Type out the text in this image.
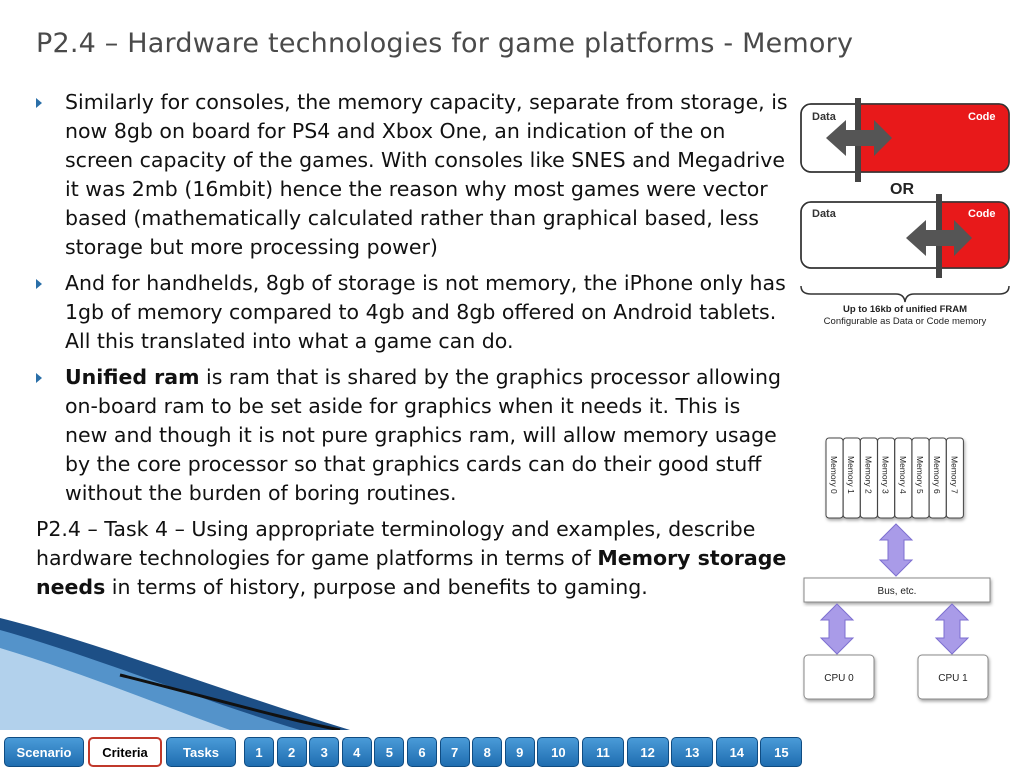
P2.4 – Hardware technologies for game platforms - Memory
Similarly for consoles, the memory capacity, separate from storage, is now 8gb on board for PS4 and Xbox One, an indication of the on screen capacity of the games. With consoles like SNES and Megadrive it was 2mb (16mbit) hence the reason why most games were vector based (mathematically calculated rather than graphical based, less storage but more processing power)
And for handhelds, 8gb of storage is not memory, the iPhone only has 1gb of memory compared to 4gb and 8gb offered on Android tablets. All this translated into what a game can do.
Unified ram is ram that is shared by the graphics processor allowing on-board ram to be set aside for graphics when it needs it. This is new and though it is not pure graphics ram, will allow memory usage by the core processor so that graphics cards can do their good stuff without the burden of boring routines.
P2.4 – Task 4 – Using appropriate terminology and examples, describe hardware technologies for game platforms in terms of Memory storage needs in terms of history, purpose and benefits to gaming.
Data	Code
OR
Data	Code
Up to 16kb of unified FRAM
Configurable as Data or Code memory
Memory 0 Memory 1 Memory 2 Memory 3 Memory 4 Memory 5 Memory 6 Memory 7
Bus, etc.
CPU 0	CPU 1
Scenario	Criteria	Tasks	1	2	3	4	5	6	7	8	9	10	11	12	13	14	15
